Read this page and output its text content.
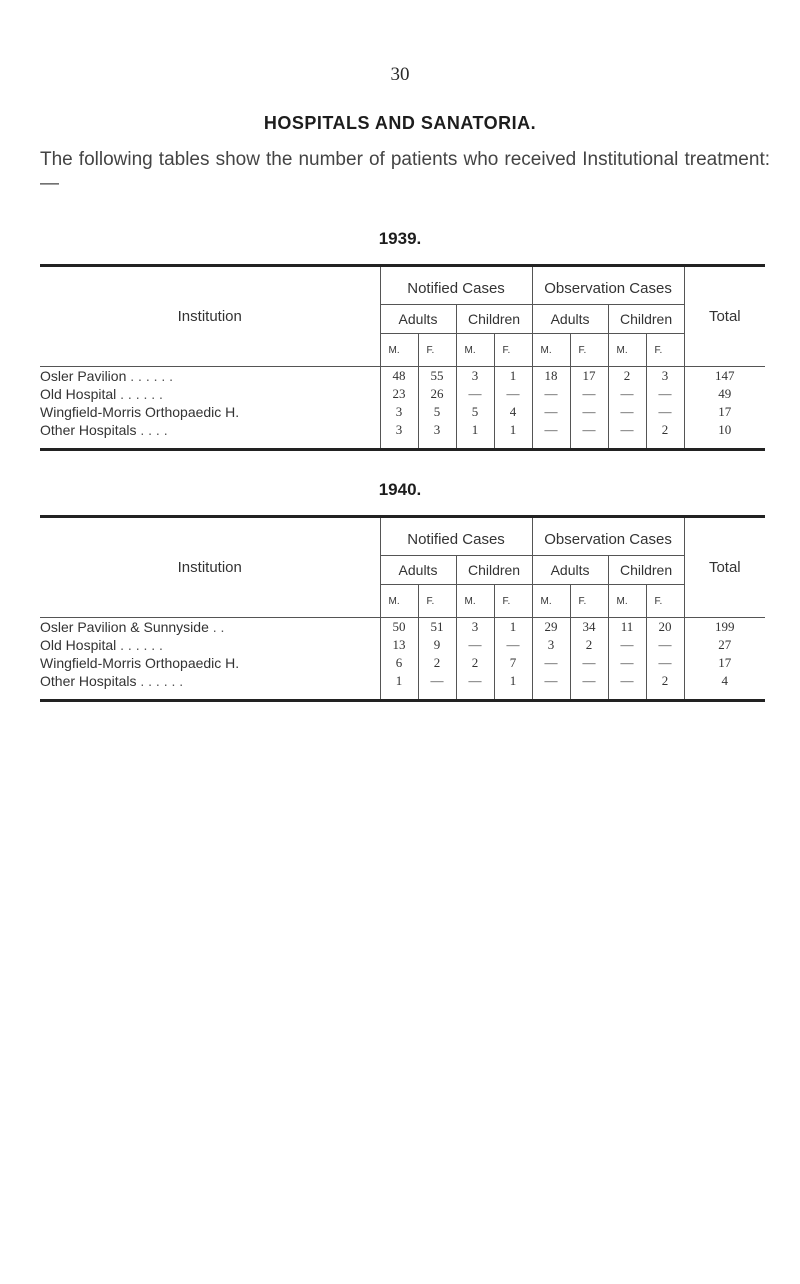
30
HOSPITALS AND SANATORIA.
The following tables show the number of patients who received Institutional treatment:—
1939.
Institution	Notified Cases				Observation Cases				Total
	Adults		Children		Adults		Children		
	M.	F.	M.	F.	M.	F.	M.	F.	

Osler Pavilion . . . . . .	48	55	3	1	18	17	2	3	147
Old Hospital . . . . . .	23	26	—	—	—	—	—	—	49
Wingfield-Morris Orthopaedic H.	3	5	5	4	—	—	—	—	17
Other Hospitals . . . .	3	3	1	1	—	—	—	2	10
1940.
Institution	Notified Cases				Observation Cases				Total
	Adults		Children		Adults		Children		
	M.	F.	M.	F.	M.	F.	M.	F.	

Osler Pavilion & Sunnyside . .	50	51	3	1	29	34	11	20	199
Old Hospital . . . . . .	13	9	—	—	3	2	—	—	27
Wingfield-Morris Orthopaedic H.	6	2	2	7	—	—	—	—	17
Other Hospitals . . . . . .	1	—	—	1	—	—	—	2	4
